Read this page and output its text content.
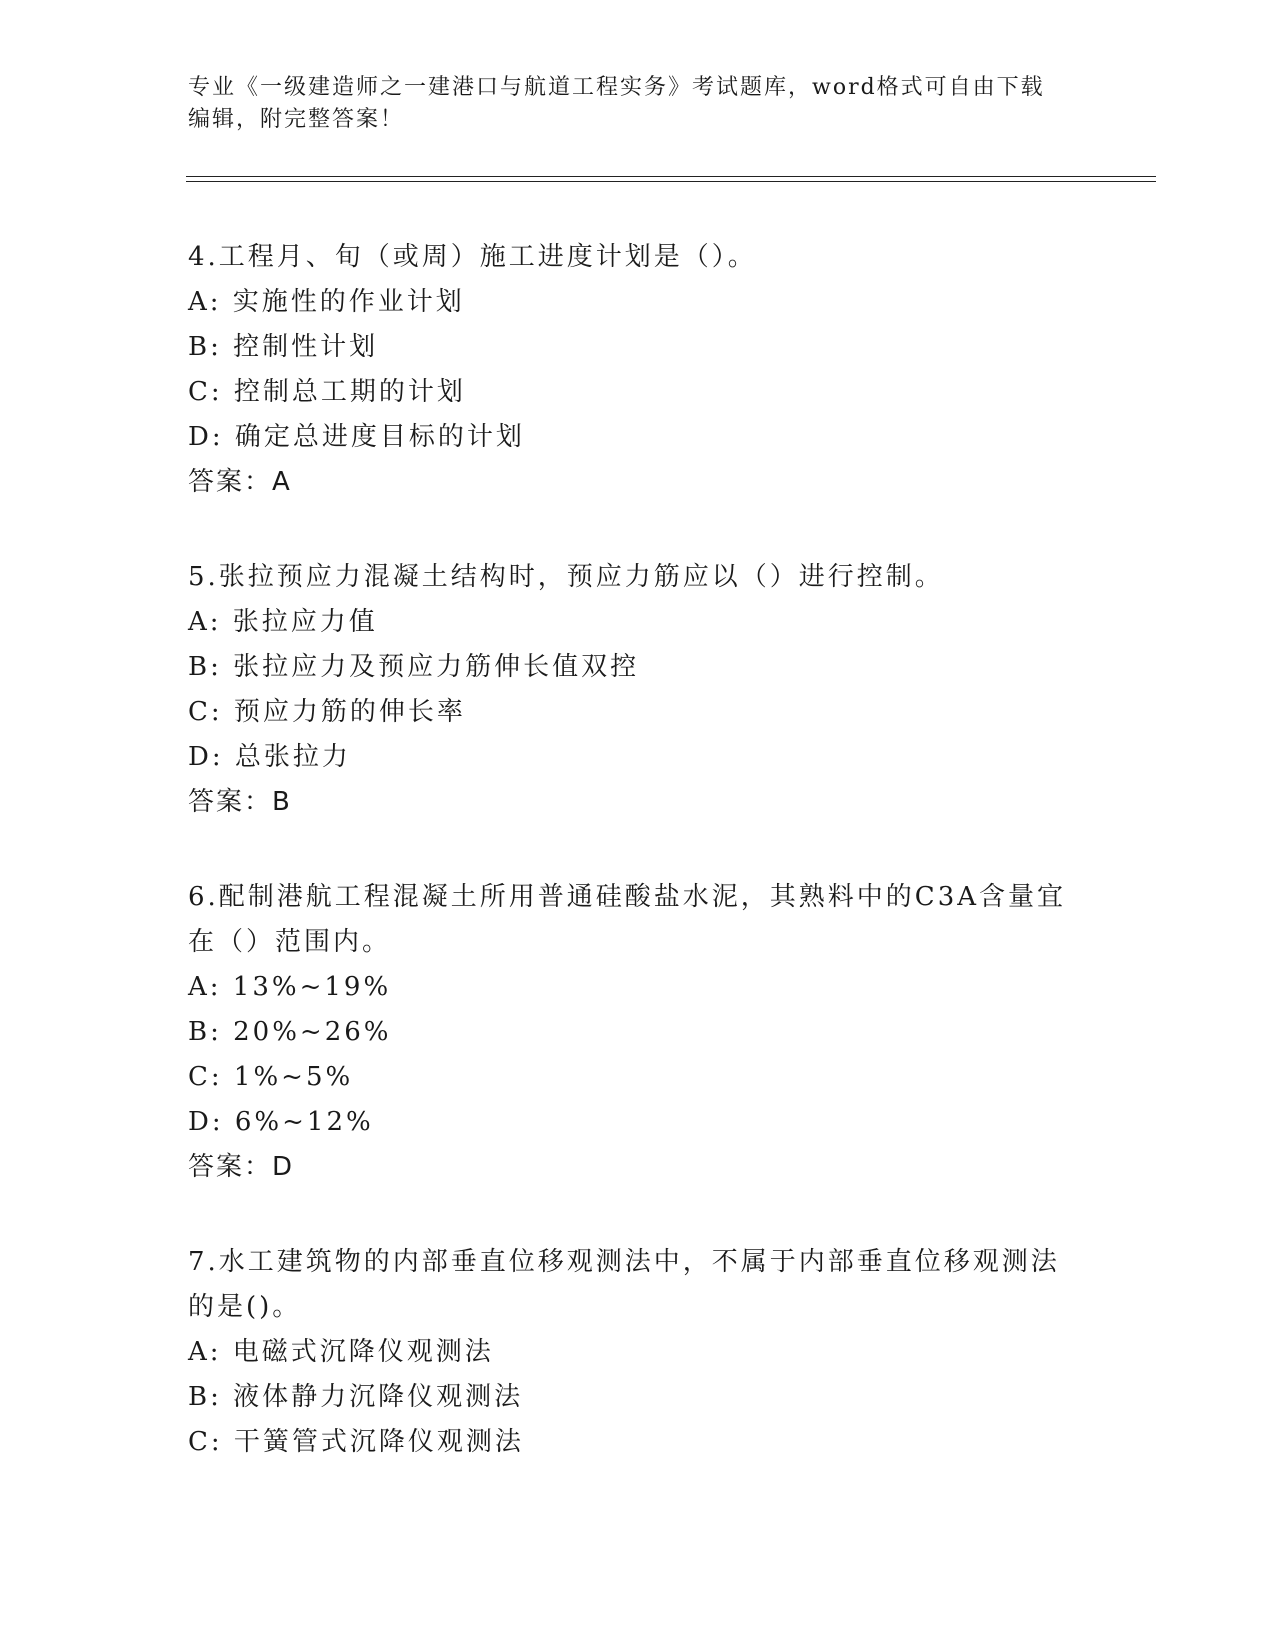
专业《一级建造师之一建港口与航道工程实务》考试题库，word格式可自由下载

编辑，附完整答案！

4.工程月、旬（或周）施工进度计划是（）。

A: 实施性的作业计划

B: 控制性计划

C: 控制总工期的计划

D: 确定总进度目标的计划

答案：A

5.张拉预应力混凝土结构时，预应力筋应以（）进行控制。

A: 张拉应力值

B: 张拉应力及预应力筋伸长值双控

C: 预应力筋的伸长率

D: 总张拉力

答案：B

6.配制港航工程混凝土所用普通硅酸盐水泥，其熟料中的C3A含量宜

在（）范围内。

A: 13%~19%

B: 20%~26%

C: 1%~5%

D: 6%~12%

答案：D

7.水工建筑物的内部垂直位移观测法中，不属于内部垂直位移观测法

的是()。

A: 电磁式沉降仪观测法

B: 液体静力沉降仪观测法

C: 干簧管式沉降仪观测法
